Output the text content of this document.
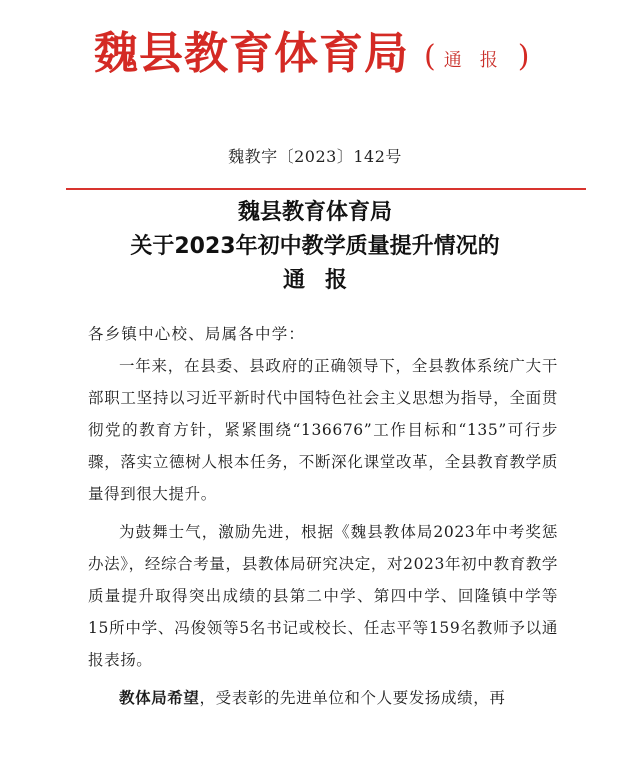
魏县教育体育局 ( 通报)
魏教字〔2023〕142号
魏县教育体育局
关于2023年初中教学质量提升情况的
通报

各乡镇中心校、局属各中学：

一年来，在县委、县政府的正确领导下，全县教体系统广大干部职工坚持以习近平新时代中国特色社会主义思想为指导，全面贯彻党的教育方针，紧紧围绕“136676”工作目标和“135”可行步骤，落实立德树人根本任务，不断深化课堂改革，全县教育教学质量得到很大提升。

为鼓舞士气，激励先进，根据《魏县教体局2023年中考奖惩办法》，经综合考量，县教体局研究决定，对2023年初中教育教学质量提升取得突出成绩的县第二中学、第四中学、回隆镇中学等15所中学、冯俊领等5名书记或校长、任志平等159名教师予以通报表扬。

教体局希望，受表彰的先进单位和个人要发扬成绩，再
